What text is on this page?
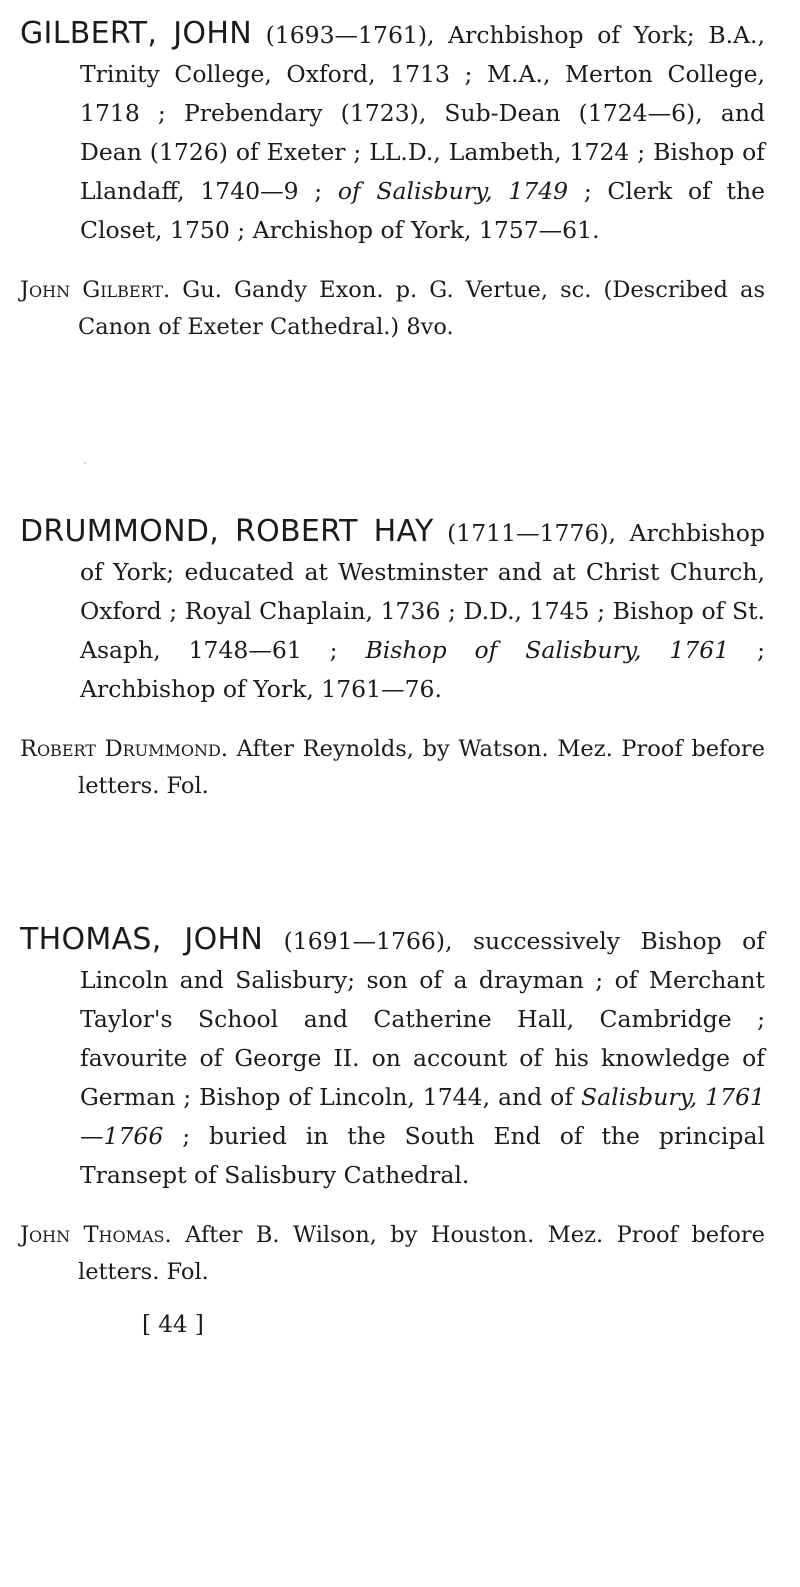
GILBERT, JOHN (1693—1761), Archbishop of York; B.A., Trinity College, Oxford, 1713 ; M.A., Merton College, 1718 ; Prebendary (1723), Sub-Dean (1724—6), and Dean (1726) of Exeter ; LL.D., Lambeth, 1724 ; Bishop of Llandaff, 1740—9 ; of Salisbury, 1749 ; Clerk of the Closet, 1750 ; Archishop of York, 1757—61.

John Gilbert. Gu. Gandy Exon. p. G. Vertue, sc. (Described as Canon of Exeter Cathedral.) 8vo.

DRUMMOND, ROBERT HAY (1711—1776), Archbishop of York; educated at Westminster and at Christ Church, Oxford ; Royal Chaplain, 1736 ; D.D., 1745 ; Bishop of St. Asaph, 1748—61 ; Bishop of Salisbury, 1761 ; Archbishop of York, 1761—76.

Robert Drummond. After Reynolds, by Watson. Mez. Proof before letters. Fol.

THOMAS, JOHN (1691—1766), successively Bishop of Lincoln and Salisbury; son of a drayman ; of Merchant Taylor's School and Catherine Hall, Cambridge ; favourite of George II. on account of his knowledge of German ; Bishop of Lincoln, 1744, and of Salisbury, 1761—1766 ; buried in the South End of the principal Transept of Salisbury Cathedral.

John Thomas. After B. Wilson, by Houston. Mez. Proof before letters. Fol.

[ 44 ]
